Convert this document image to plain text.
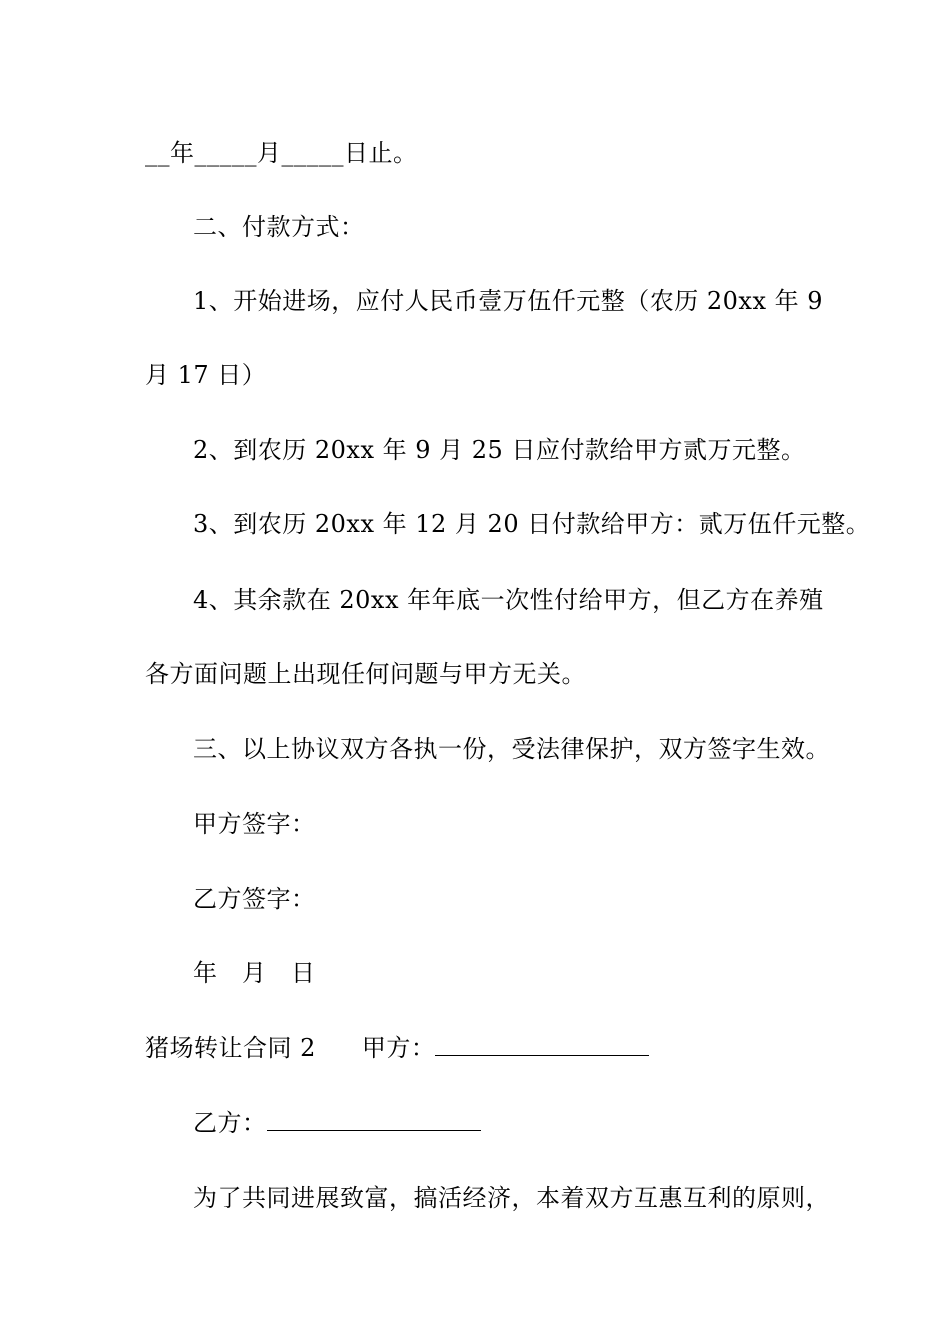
__年_____月_____日止。
二、付款方式：
1、开始进场，应付人民币壹万伍仟元整（农历 20xx 年 9
月 17 日）
2、到农历 20xx 年 9 月 25 日应付款给甲方贰万元整。
3、到农历 20xx 年 12 月 20 日付款给甲方：贰万伍仟元整。
4、其余款在 20xx 年年底一次性付给甲方，但乙方在养殖
各方面问题上出现任何问题与甲方无关。
三、以上协议双方各执一份，受法律保护，双方签字生效。
甲方签字：
乙方签字：
年　月　日
猪场转让合同 2 甲方：
乙方：
为了共同进展致富，搞活经济，本着双方互惠互利的原则，
